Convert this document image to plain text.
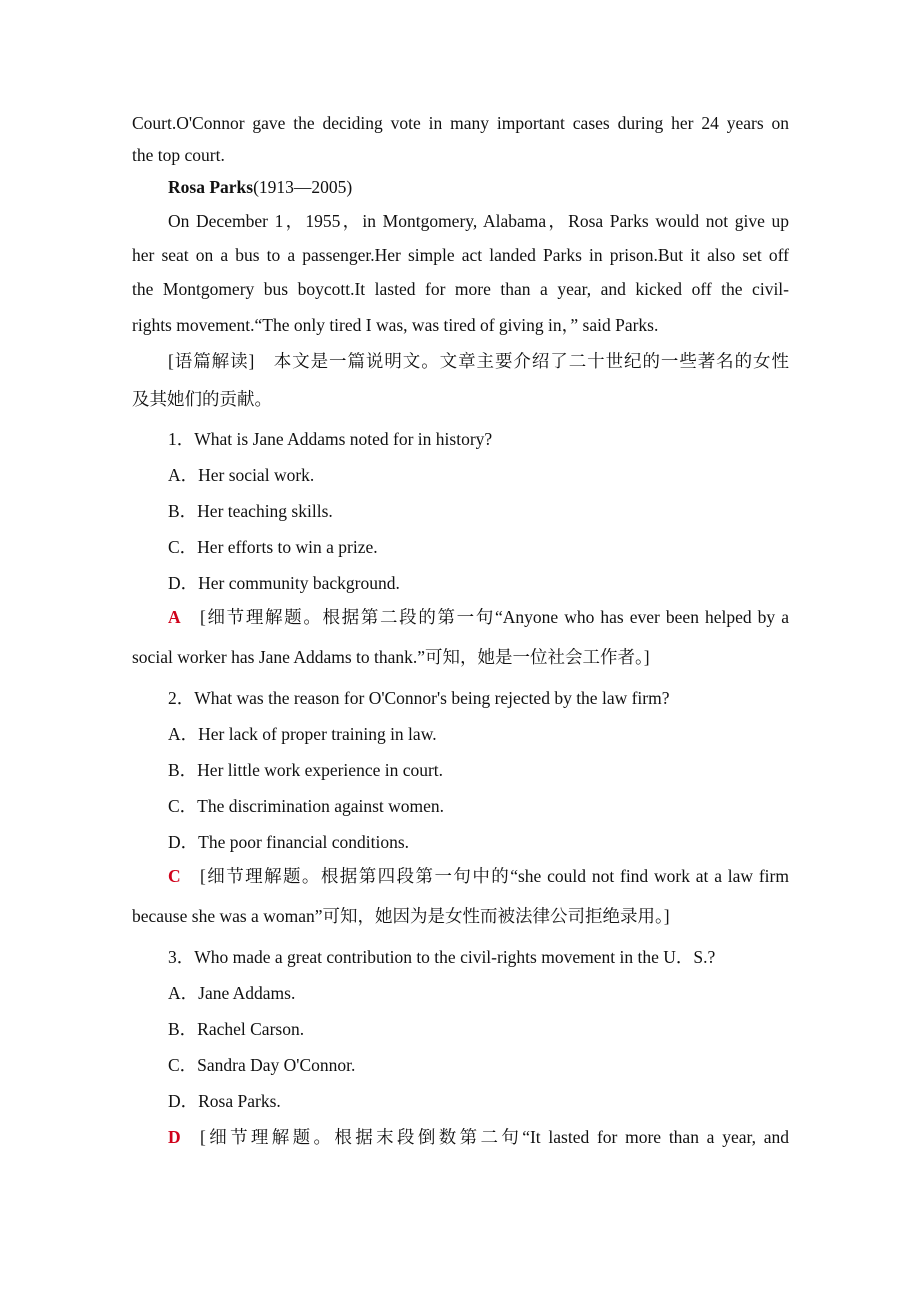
Court.O'Connor gave the deciding vote in many important cases during her 24 years on
the top court.
Rosa Parks(1913—2005)
On December 1，1955，in Montgomery, Alabama，Rosa Parks would not give up
her seat on a bus to a passenger.Her simple act landed Parks in prison.But it also set off
the Montgomery bus boycott.It lasted for more than a year, and kicked off the civil-
rights movement.“The only tired I was, was tired of giving in，” said Parks.
[语篇解读]　本文是一篇说明文。文章主要介绍了二十世纪的一些著名的女性
及其她们的贡献。
1．What is Jane Addams noted for in history?
A．Her social work.
B．Her teaching skills.
C．Her efforts to win a prize.
D．Her community background.
A [细节理解题。根据第二段的第一句“Anyone who has ever been helped by a
social worker has Jane Addams to thank.”可知，她是一位社会工作者。]
2．What was the reason for O'Connor's being rejected by the law firm?
A．Her lack of proper training in law.
B．Her little work experience in court.
C．The discrimination against women.
D．The poor financial conditions.
C [细节理解题。根据第四段第一句中的“she could not find work at a law firm
because she was a woman”可知，她因为是女性而被法律公司拒绝录用。]
3．Who made a great contribution to the civil‑rights movement in the U．S.?
A．Jane Addams.
B．Rachel Carson.
C．Sandra Day O'Connor.
D．Rosa Parks.
D [细节理解题。根据末段倒数第二句“It lasted for more than a year, and
